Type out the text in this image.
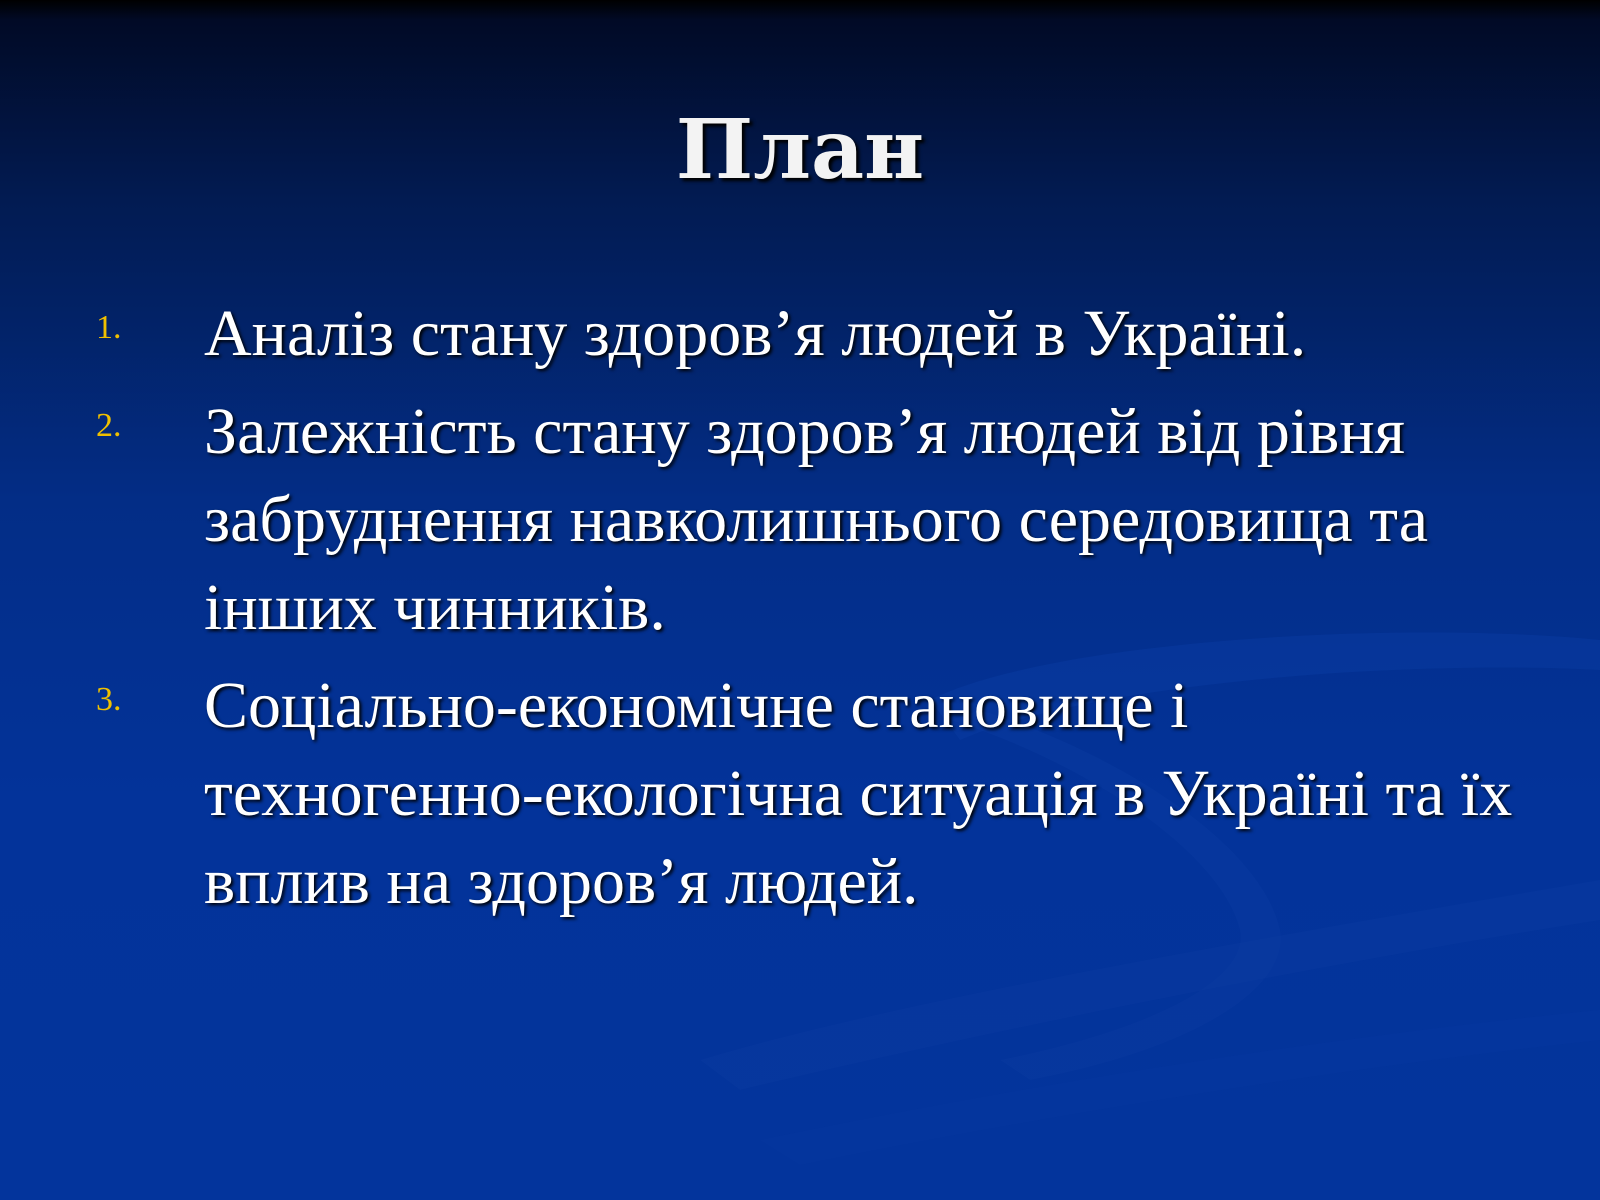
План
1. Аналіз стану здоров’я людей в Україні.
2. Залежність стану здоров’я людей від рівня забруднення навколишнього середовища та інших чинників.
3. Соціально-економічне становище і техногенно-екологічна ситуація в Україні та їх вплив на здоров’я людей.
